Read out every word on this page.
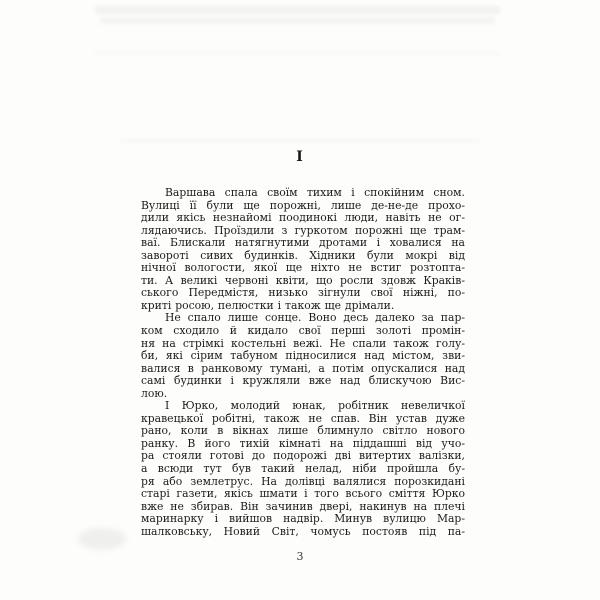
I
Варшава спала своїм тихим і спокійним сном.
Вулиці її були ще порожні, лише де-не-де прохо-
дили якісь незнайомі поодинокі люди, навіть не ог-
лядаючись. Проїздили з гуркотом порожні ще трам-
ваї. Блискали натягнутими дротами і ховалися на
завороті сивих будинків. Хідники були мокрі від
нічної вологости, якої ще ніхто не встиг розтопта-
ти. А великі червоні квіти, що росли здовж Краків-
ського Передмістя, низько зігнули свої ніжні, по-
криті росою, пелюстки і також ще дрімали.
Не спало лише сонце. Воно десь далеко за пар-
ком сходило й кидало свої перші золоті промін-
ня на стрімкі костельні вежі. Не спали також голу-
би, які сірим табуном підносилися над містом, зви-
валися в ранковому тумані, а потім опускалися над
самі будинки і кружляли вже над блискучою Вис-
лою.
І Юрко, молодий юнак, робітник невеличкої
кравецької робітні, також не спав. Він устав дуже
рано, коли в вікнах лише блимнуло світло нового
ранку. В його тихій кімнаті на піддашші від учо-
ра стояли готові до подорожі дві витертих валізки,
а всюди тут був такий нелад, ніби пройшла бу-
ря або землетрус. На долівці валялися порозкидані
старі газети, якісь шмати і того всього сміття Юрко
вже не збирав. Він зачинив двері, накинув на плечі
маринарку і вийшов надвір. Минув вулицю Мар-
шалковську, Новий Світ, чомусь постояв під па-
3
